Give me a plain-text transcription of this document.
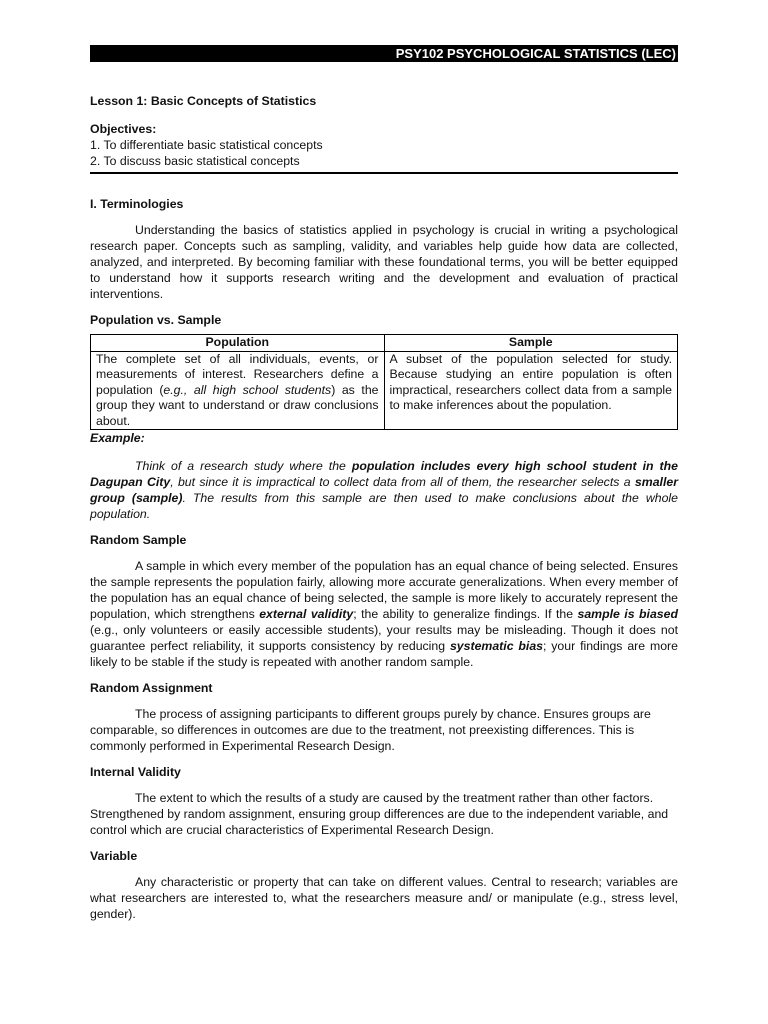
PSY102 PSYCHOLOGICAL STATISTICS (LEC)

Lesson 1: Basic Concepts of Statistics

Objectives:

1. To differentiate basic statistical concepts

2. To discuss basic statistical concepts

I. Terminologies

Understanding the basics of statistics applied in psychology is crucial in writing a psychological research paper. Concepts such as sampling, validity, and variables help guide how data are collected, analyzed, and interpreted. By becoming familiar with these foundational terms, you will be better equipped to understand how it supports research writing and the development and evaluation of practical interventions.

Population vs. Sample

Population	Sample
The complete set of all individuals, events, or measurements of interest. Researchers define a population (e.g., all high school students) as the group they want to understand or draw conclusions about.	A subset of the population selected for study. Because studying an entire population is often impractical, researchers collect data from a sample to make inferences about the population.

Example:

Think of a research study where the population includes every high school student in the Dagupan City, but since it is impractical to collect data from all of them, the researcher selects a smaller group (sample). The results from this sample are then used to make conclusions about the whole population.

Random Sample

A sample in which every member of the population has an equal chance of being selected. Ensures the sample represents the population fairly, allowing more accurate generalizations. When every member of the population has an equal chance of being selected, the sample is more likely to accurately represent the population, which strengthens external validity; the ability to generalize findings. If the sample is biased (e.g., only volunteers or easily accessible students), your results may be misleading. Though it does not guarantee perfect reliability, it supports consistency by reducing systematic bias; your findings are more likely to be stable if the study is repeated with another random sample.

Random Assignment

The process of assigning participants to different groups purely by chance. Ensures groups are comparable, so differences in outcomes are due to the treatment, not preexisting differences. This is commonly performed in Experimental Research Design.

Internal Validity

The extent to which the results of a study are caused by the treatment rather than other factors. Strengthened by random assignment, ensuring group differences are due to the independent variable, and control which are crucial characteristics of Experimental Research Design.

Variable

Any characteristic or property that can take on different values. Central to research; variables are what researchers are interested to, what the researchers measure and/ or manipulate (e.g., stress level, gender).
